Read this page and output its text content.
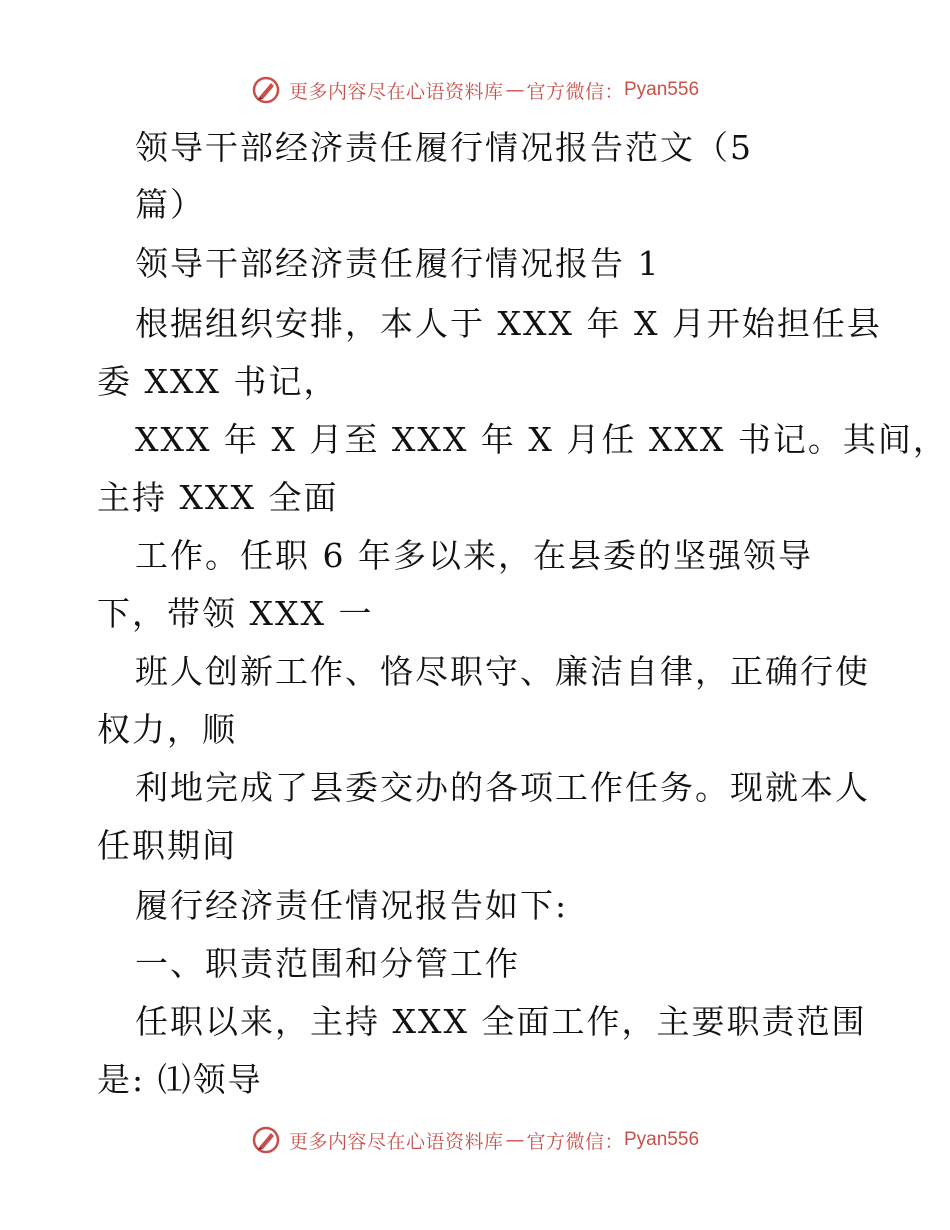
更多内容尽在心语资料库 — 官方微信： Pyan556
领导干部经济责任履行情况报告范文（5
篇）
领导干部经济责任履行情况报告 1
根据组织安排，本人于 XXX 年 X 月开始担任县
委 XXX 书记，
XXX 年 X 月至 XXX 年 X 月任 XXX 书记。其间，
主持 XXX 全面
工作。任职 6 年多以来，在县委的坚强领导
下，带领 XXX 一
班人创新工作、恪尽职守、廉洁自律，正确行使
权力，顺
利地完成了县委交办的各项工作任务。现就本人
任职期间
履行经济责任情况报告如下:
一、职责范围和分管工作
任职以来，主持 XXX 全面工作，主要职责范围
是: ⑴领导
更多内容尽在心语资料库 — 官方微信： Pyan556
